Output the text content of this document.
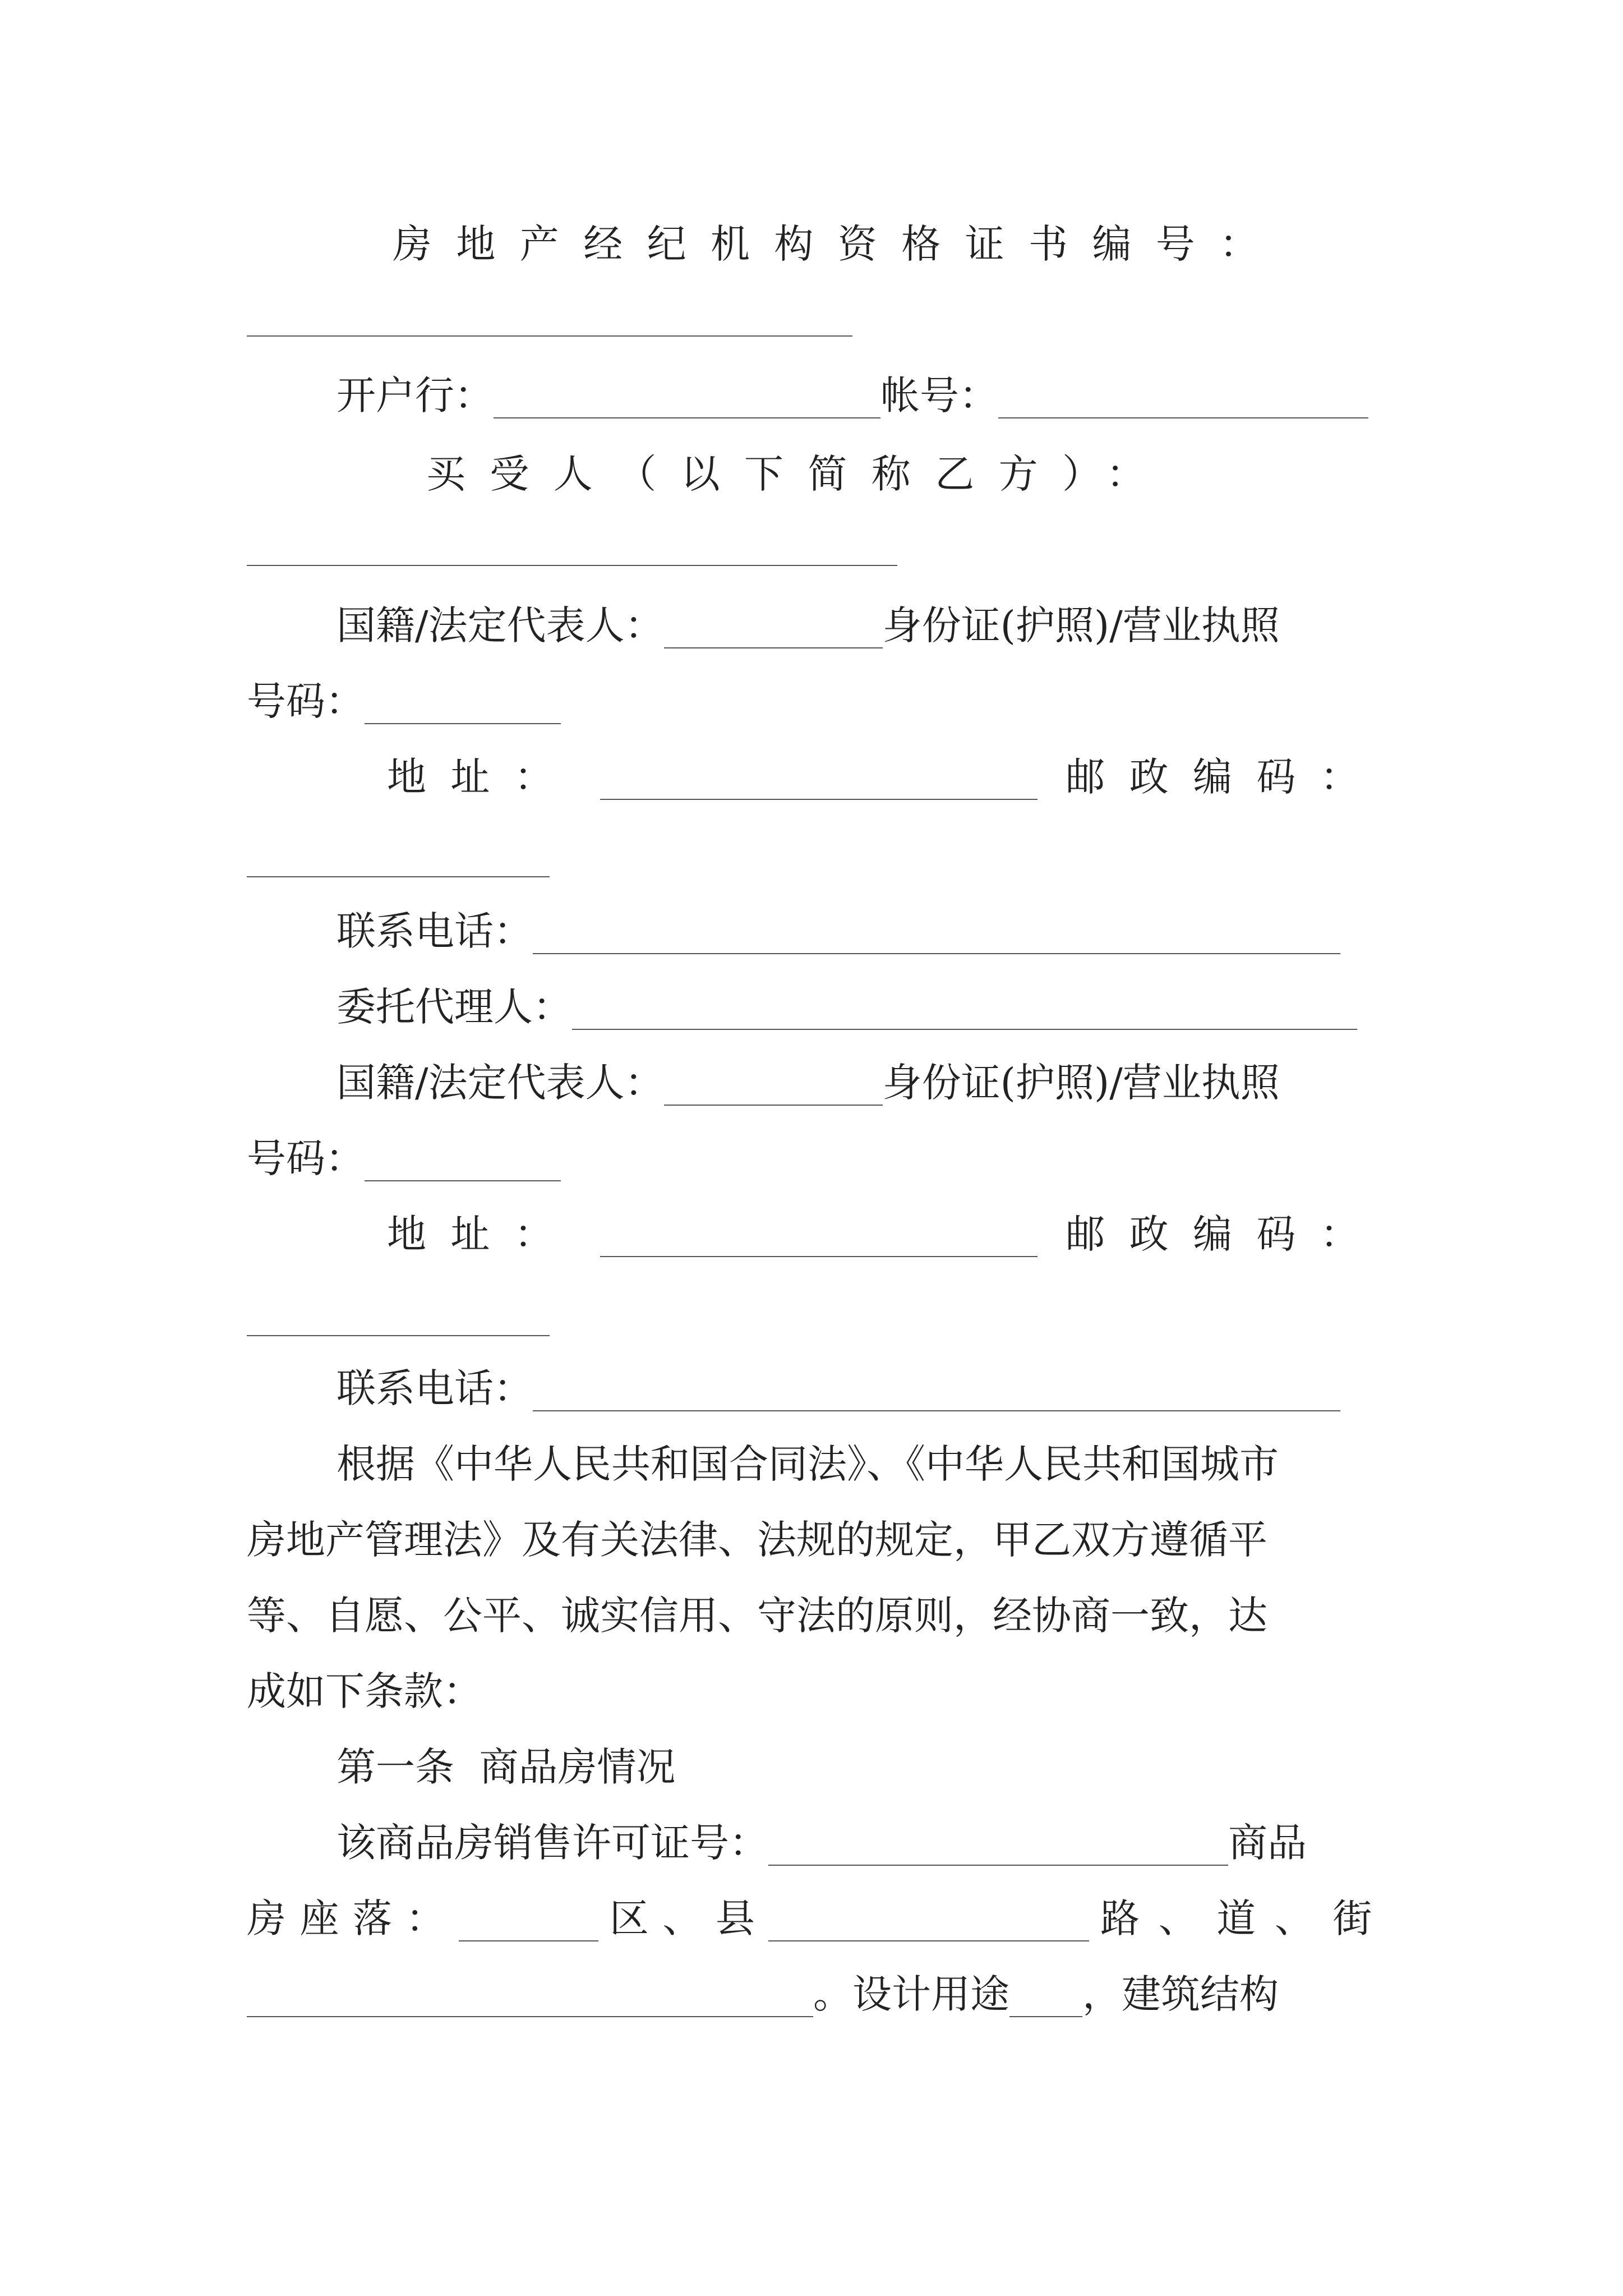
房地产经纪机构资格证书编号：
开户行：	帐号：
买受人（以下简称乙方）：
国籍/法定代表人：	身份证(护照)/营业执照
号码：
地址：	邮政编码：
联系电话：
委托代理人：
国籍/法定代表人：	身份证(护照)/营业执照
号码：
地址：	邮政编码：
联系电话：
根据《中华人民共和国合同法》、《中华人民共和国城市
房地产管理法》及有关法律、法规的规定，甲乙双方遵循平
等、自愿、公平、诚实信用、守法的原则，经协商一致，达
成如下条款：
第一条  商品房情况
该商品房销售许可证号：	商品
房座落：	区、县	路、道、街
。设计用途 ，建筑结构
